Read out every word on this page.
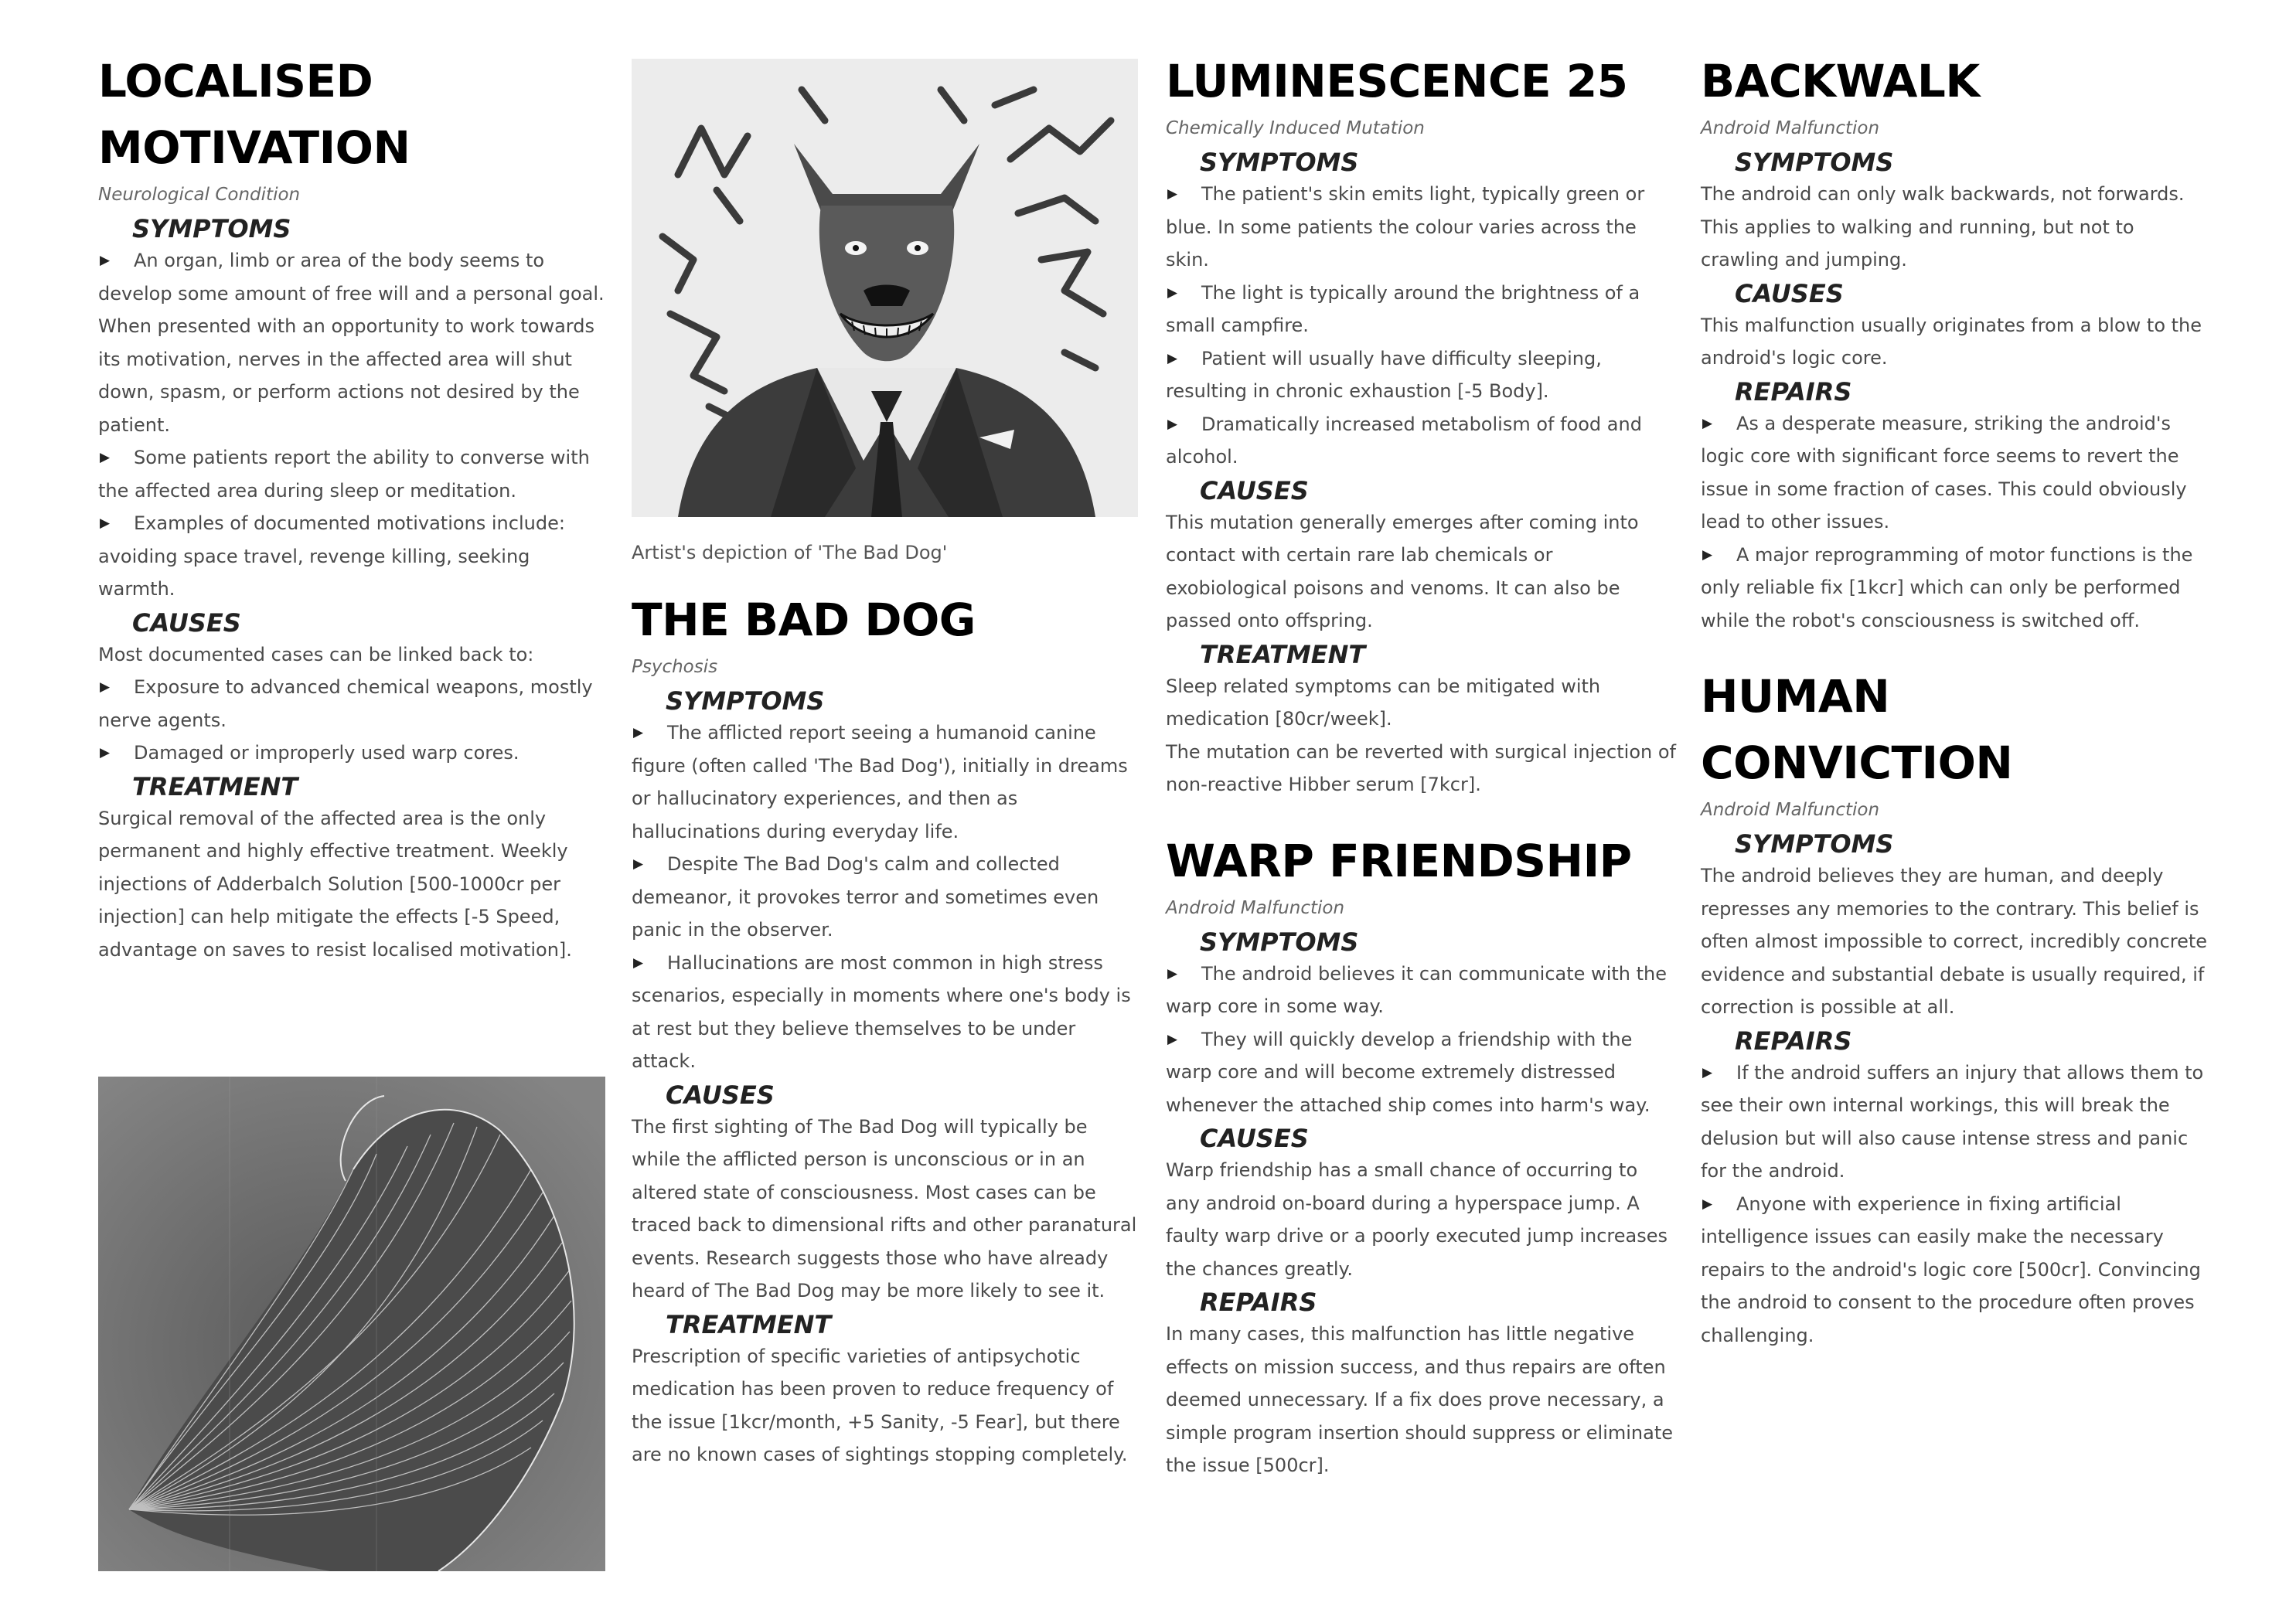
LOCALISED MOTIVATION
Neurological Condition
SYMPTOMS

▶ An organ, limb or area of the body seems to develop some amount of free will and a personal goal. When presented with an opportunity to work towards its motivation, nerves in the affected area will shut down, spasm, or perform actions not desired by the patient.

▶ Some patients report the ability to converse with the affected area during sleep or meditation.

▶ Examples of documented motivations include: avoiding space travel, revenge killing, seeking warmth.

CAUSES

Most documented cases can be linked back to:

▶ Exposure to advanced chemical weapons, mostly nerve agents.

▶ Damaged or improperly used warp cores.

TREATMENT

Surgical removal of the affected area is the only permanent and highly effective treatment. Weekly injections of Adderbalch Solution [500-1000cr per injection] can help mitigate the effects [-5 Speed, advantage on saves to resist localised motivation].

Artist's depiction of 'The Bad Dog'

THE BAD DOG
Psychosis
SYMPTOMS

▶ The afflicted report seeing a humanoid canine figure (often called 'The Bad Dog'), initially in dreams or hallucinatory experiences, and then as hallucinations during everyday life.

▶ Despite The Bad Dog's calm and collected demeanor, it provokes terror and sometimes even panic in the observer.

▶ Hallucinations are most common in high stress scenarios, especially in moments where one's body is at rest but they believe themselves to be under attack.

CAUSES

The first sighting of The Bad Dog will typically be while the afflicted person is unconscious or in an altered state of consciousness. Most cases can be traced back to dimensional rifts and other paranatural events. Research suggests those who have already heard of The Bad Dog may be more likely to see it.

TREATMENT

Prescription of specific varieties of antipsychotic medication has been proven to reduce frequency of the issue [1kcr/month, +5 Sanity, -5 Fear], but there are no known cases of sightings stopping completely.

LUMINESCENCE 25
Chemically Induced Mutation
SYMPTOMS

▶ The patient's skin emits light, typically green or blue. In some patients the colour varies across the skin.

▶ The light is typically around the brightness of a small campfire.

▶ Patient will usually have difficulty sleeping, resulting in chronic exhaustion [-5 Body].

▶ Dramatically increased metabolism of food and alcohol.

CAUSES

This mutation generally emerges after coming into contact with certain rare lab chemicals or exobiological poisons and venoms. It can also be passed onto offspring.

TREATMENT

Sleep related symptoms can be mitigated with medication [80cr/week].

The mutation can be reverted with surgical injection of non-reactive Hibber serum [7kcr].

WARP FRIENDSHIP
Android Malfunction
SYMPTOMS

▶ The android believes it can communicate with the warp core in some way.

▶ They will quickly develop a friendship with the warp core and will become extremely distressed whenever the attached ship comes into harm's way.

CAUSES

Warp friendship has a small chance of occurring to any android on-board during a hyperspace jump. A faulty warp drive or a poorly executed jump increases the chances greatly.

REPAIRS

In many cases, this malfunction has little negative effects on mission success, and thus repairs are often deemed unnecessary. If a fix does prove necessary, a simple program insertion should suppress or eliminate the issue [500cr].

BACKWALK
Android Malfunction
SYMPTOMS

The android can only walk backwards, not forwards. This applies to walking and running, but not to crawling and jumping.

CAUSES

This malfunction usually originates from a blow to the android's logic core.

REPAIRS

▶ As a desperate measure, striking the android's logic core with significant force seems to revert the issue in some fraction of cases. This could obviously lead to other issues.

▶ A major reprogramming of motor functions is the only reliable fix [1kcr] which can only be performed while the robot's consciousness is switched off.

HUMAN CONVICTION
Android Malfunction
SYMPTOMS

The android believes they are human, and deeply represses any memories to the contrary. This belief is often almost impossible to correct, incredibly concrete evidence and substantial debate is usually required, if correction is possible at all.

REPAIRS

▶ If the android suffers an injury that allows them to see their own internal workings, this will break the delusion but will also cause intense stress and panic for the android.

▶ Anyone with experience in fixing artificial intelligence issues can easily make the necessary repairs to the android's logic core [500cr]. Convincing the android to consent to the procedure often proves challenging.
